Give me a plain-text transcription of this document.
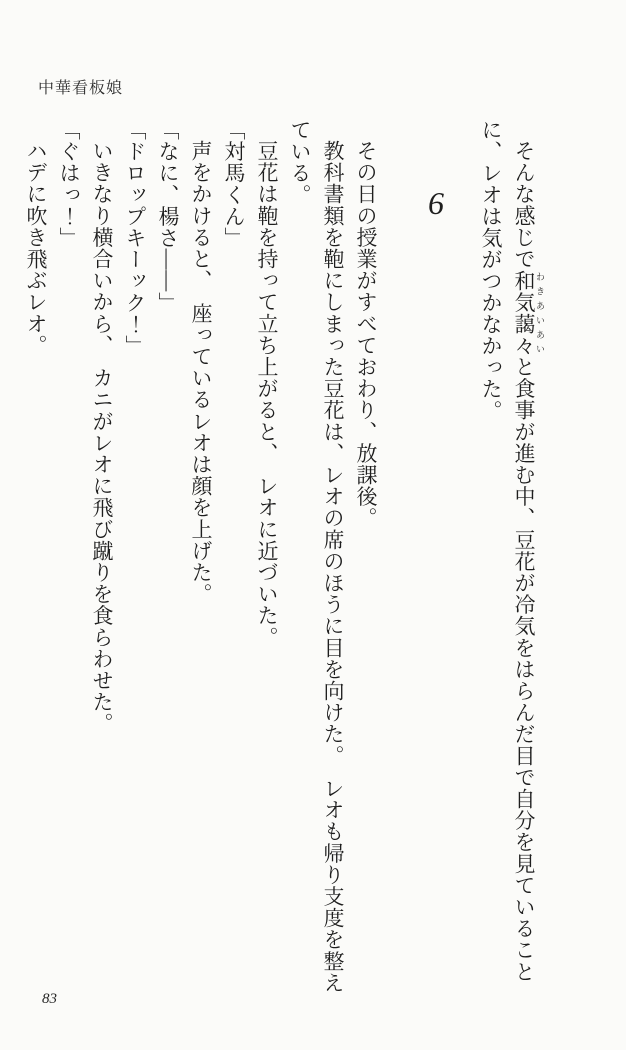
中華看板娘

そんな感じで和気藹々 わきあいあいと食事が進む中、豆花が冷気をはらんだ目で自分を見ていること

に、レオは気がつかなかった。

6

その日の授業がすべておわり、放課後。

教科書類を鞄にしまった豆花は、レオの席のほうに目を向けた。　レオも帰り支度を整え

ている。

豆花は鞄を持って立ち上がると、　レオに近づいた。

「対馬くん」

声をかけると、　座っているレオは顔を上げた。

「なに、楊さ——」

「ドロップキーック！」

いきなり横合いから、　カニがレオに飛び蹴りを食らわせた。

「ぐはっ！」

ハデに吹き飛ぶレオ。

83
